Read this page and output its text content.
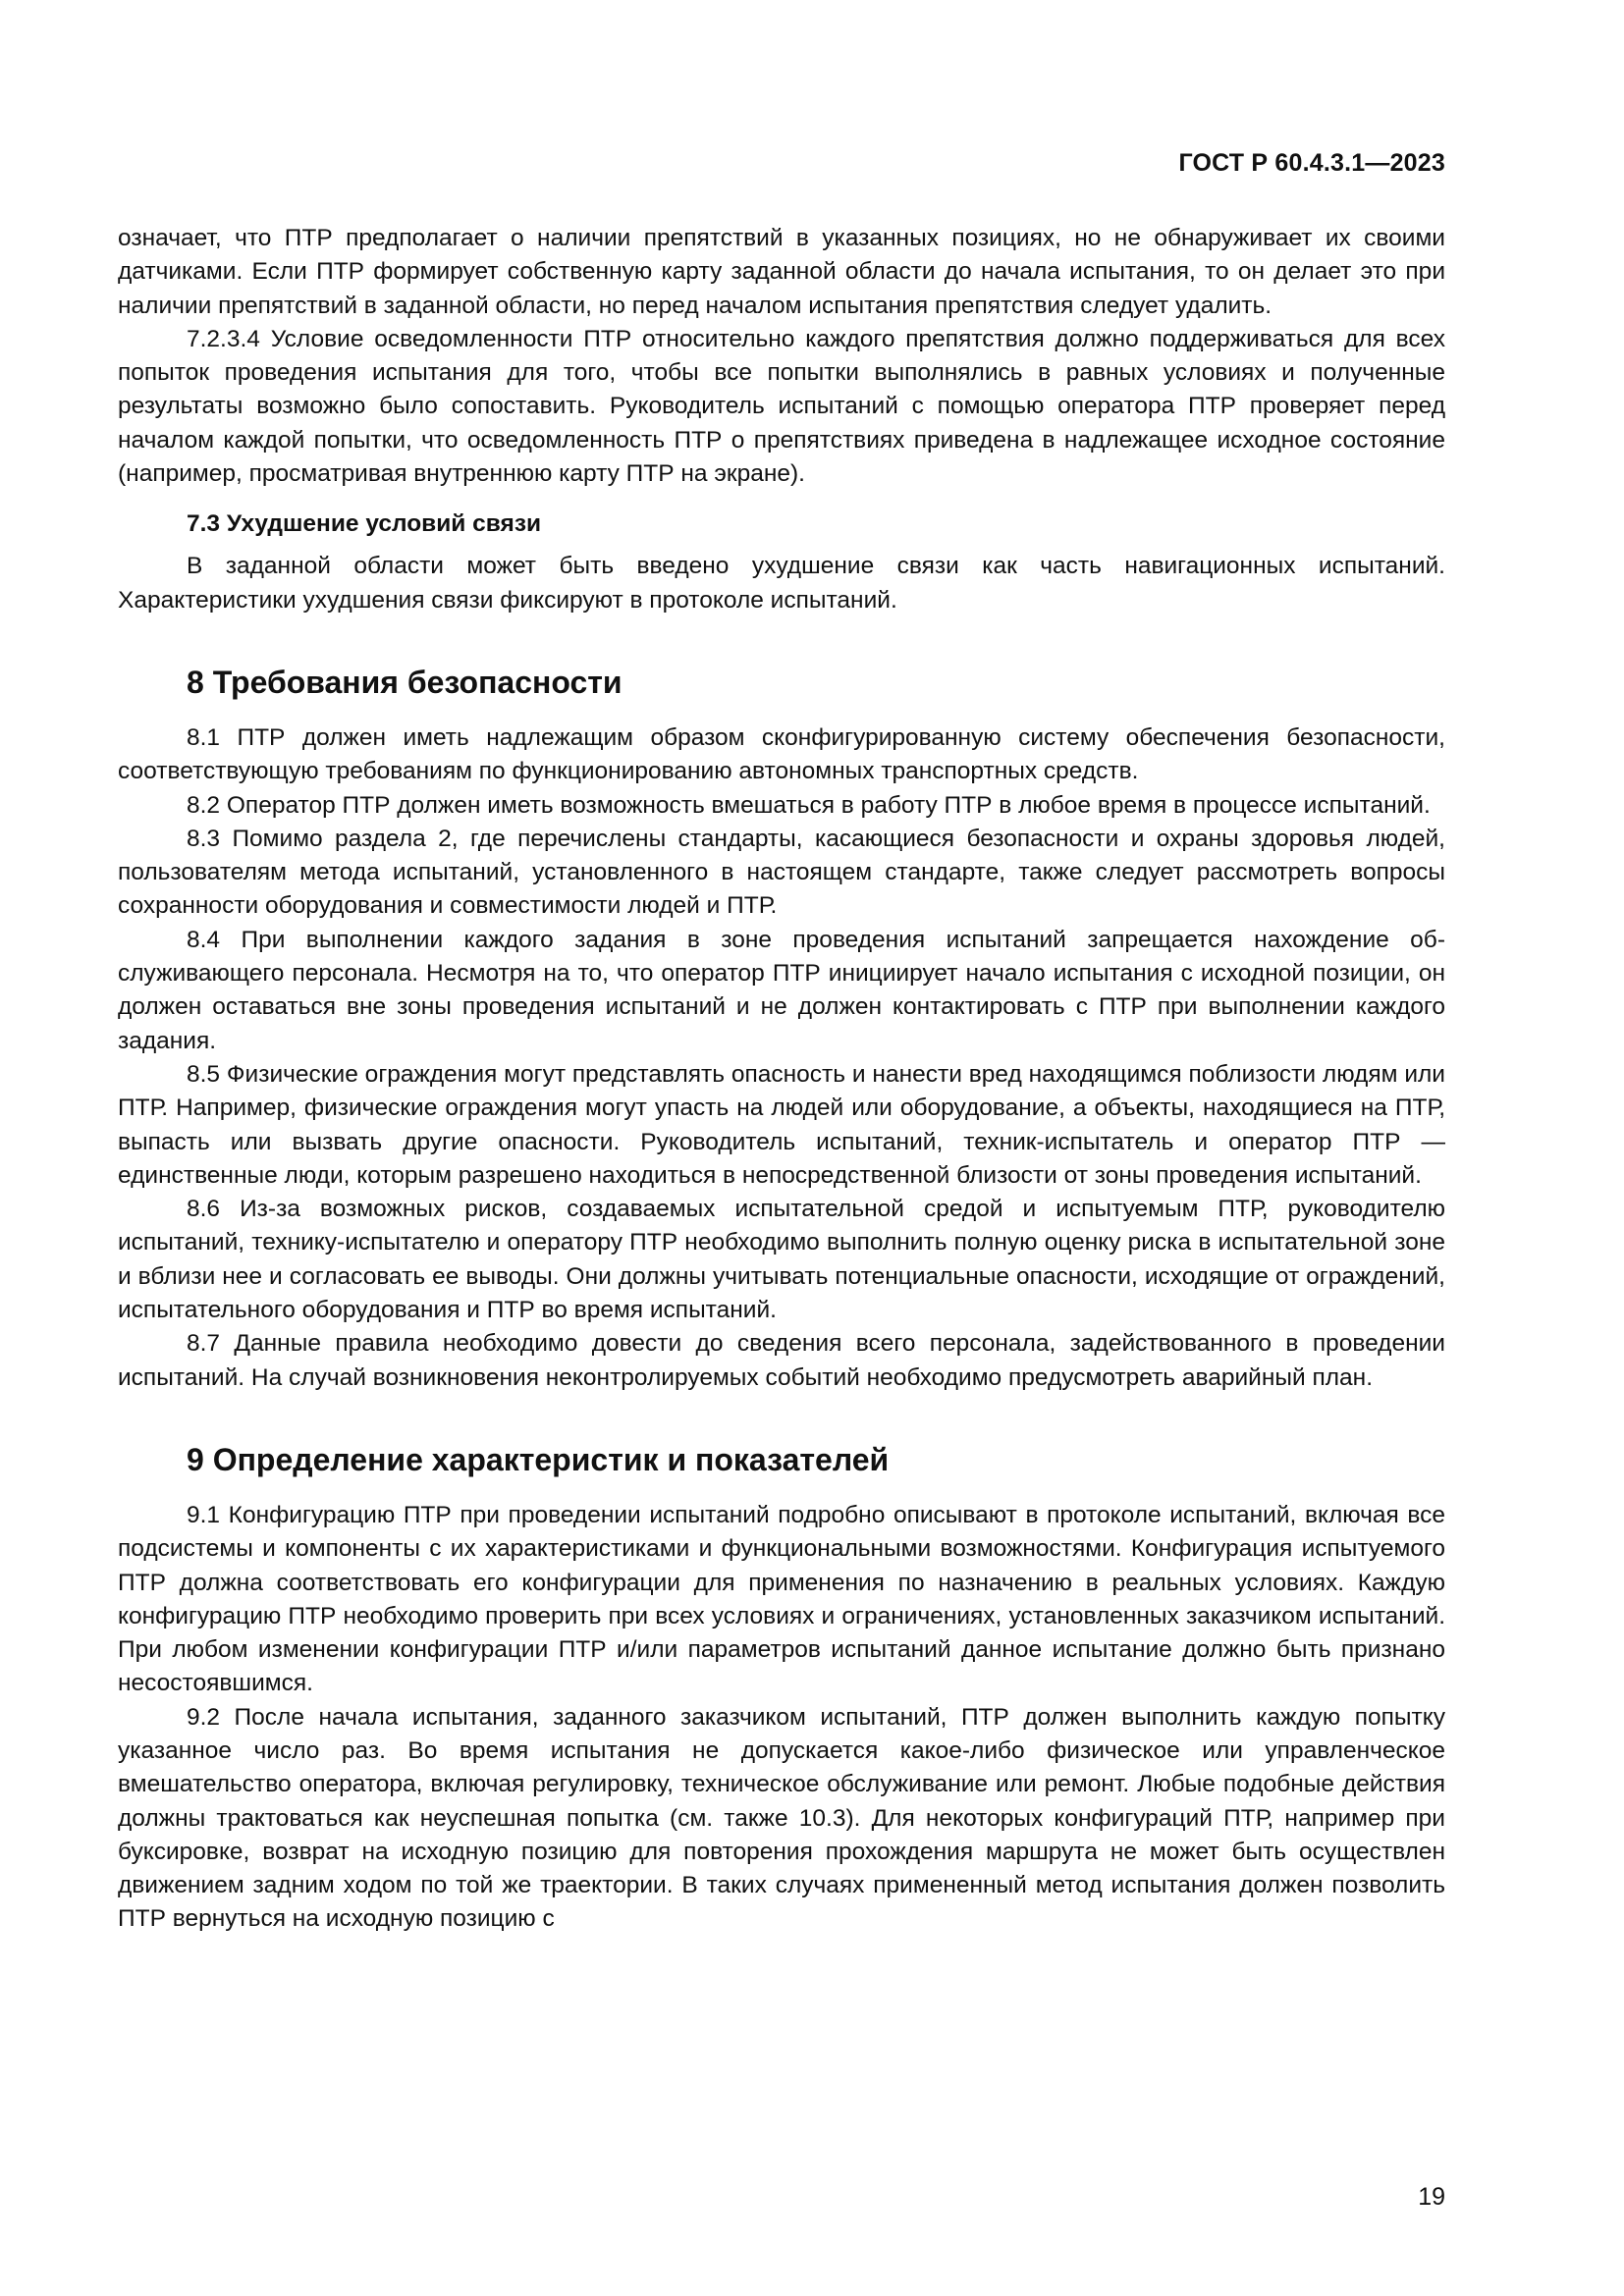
ГОСТ Р 60.4.3.1—2023

означает, что ПТР предполагает о наличии препятствий в указанных позициях, но не обнаруживает их своими датчиками. Если ПТР формирует собственную карту заданной области до начала испытания, то он делает это при наличии препятствий в заданной области, но перед началом испытания препятствия следует удалить.

7.2.3.4 Условие осведомленности ПТР относительно каждого препятствия должно поддерживаться для всех попыток проведения испытания для того, чтобы все попытки выполнялись в равных условиях и полученные результаты возможно было сопоставить. Руководитель испытаний с помощью оператора ПТР проверяет перед началом каждой попытки, что осведомленность ПТР о препятствиях приведена в надлежащее исходное состояние (например, просматривая внутреннюю карту ПТР на экране).

7.3 Ухудшение условий связи

В заданной области может быть введено ухудшение связи как часть навигационных испытаний. Характеристики ухудшения связи фиксируют в протоколе испытаний.

8 Требования безопасности

8.1 ПТР должен иметь надлежащим образом сконфигурированную систему обеспечения безопасности, соответствующую требованиям по функционированию автономных транспортных средств.

8.2 Оператор ПТР должен иметь возможность вмешаться в работу ПТР в любое время в процессе испытаний.

8.3 Помимо раздела 2, где перечислены стандарты, касающиеся безопасности и охраны здоровья людей, пользователям метода испытаний, установленного в настоящем стандарте, также следует рассмотреть вопросы сохранности оборудования и совместимости людей и ПТР.

8.4 При выполнении каждого задания в зоне проведения испытаний запрещается нахождение обслуживающего персонала. Несмотря на то, что оператор ПТР инициирует начало испытания с исходной позиции, он должен оставаться вне зоны проведения испытаний и не должен контактировать с ПТР при выполнении каждого задания.

8.5 Физические ограждения могут представлять опасность и нанести вред находящимся поблизости людям или ПТР. Например, физические ограждения могут упасть на людей или оборудование, а объекты, находящиеся на ПТР, выпасть или вызвать другие опасности. Руководитель испытаний, техник-испытатель и оператор ПТР — единственные люди, которым разрешено находиться в непосредственной близости от зоны проведения испытаний.

8.6 Из-за возможных рисков, создаваемых испытательной средой и испытуемым ПТР, руководителю испытаний, технику-испытателю и оператору ПТР необходимо выполнить полную оценку риска в испытательной зоне и вблизи нее и согласовать ее выводы. Они должны учитывать потенциальные опасности, исходящие от ограждений, испытательного оборудования и ПТР во время испытаний.

8.7 Данные правила необходимо довести до сведения всего персонала, задействованного в проведении испытаний. На случай возникновения неконтролируемых событий необходимо предусмотреть аварийный план.

9 Определение характеристик и показателей

9.1 Конфигурацию ПТР при проведении испытаний подробно описывают в протоколе испытаний, включая все подсистемы и компоненты с их характеристиками и функциональными возможностями. Конфигурация испытуемого ПТР должна соответствовать его конфигурации для применения по назначению в реальных условиях. Каждую конфигурацию ПТР необходимо проверить при всех условиях и ограничениях, установленных заказчиком испытаний. При любом изменении конфигурации ПТР и/или параметров испытаний данное испытание должно быть признано несостоявшимся.

9.2 После начала испытания, заданного заказчиком испытаний, ПТР должен выполнить каждую попытку указанное число раз. Во время испытания не допускается какое-либо физическое или управленческое вмешательство оператора, включая регулировку, техническое обслуживание или ремонт. Любые подобные действия должны трактоваться как неуспешная попытка (см. также 10.3). Для некоторых конфигураций ПТР, например при буксировке, возврат на исходную позицию для повторения прохождения маршрута не может быть осуществлен движением задним ходом по той же траектории. В таких случаях примененный метод испытания должен позволить ПТР вернуться на исходную позицию с

19
